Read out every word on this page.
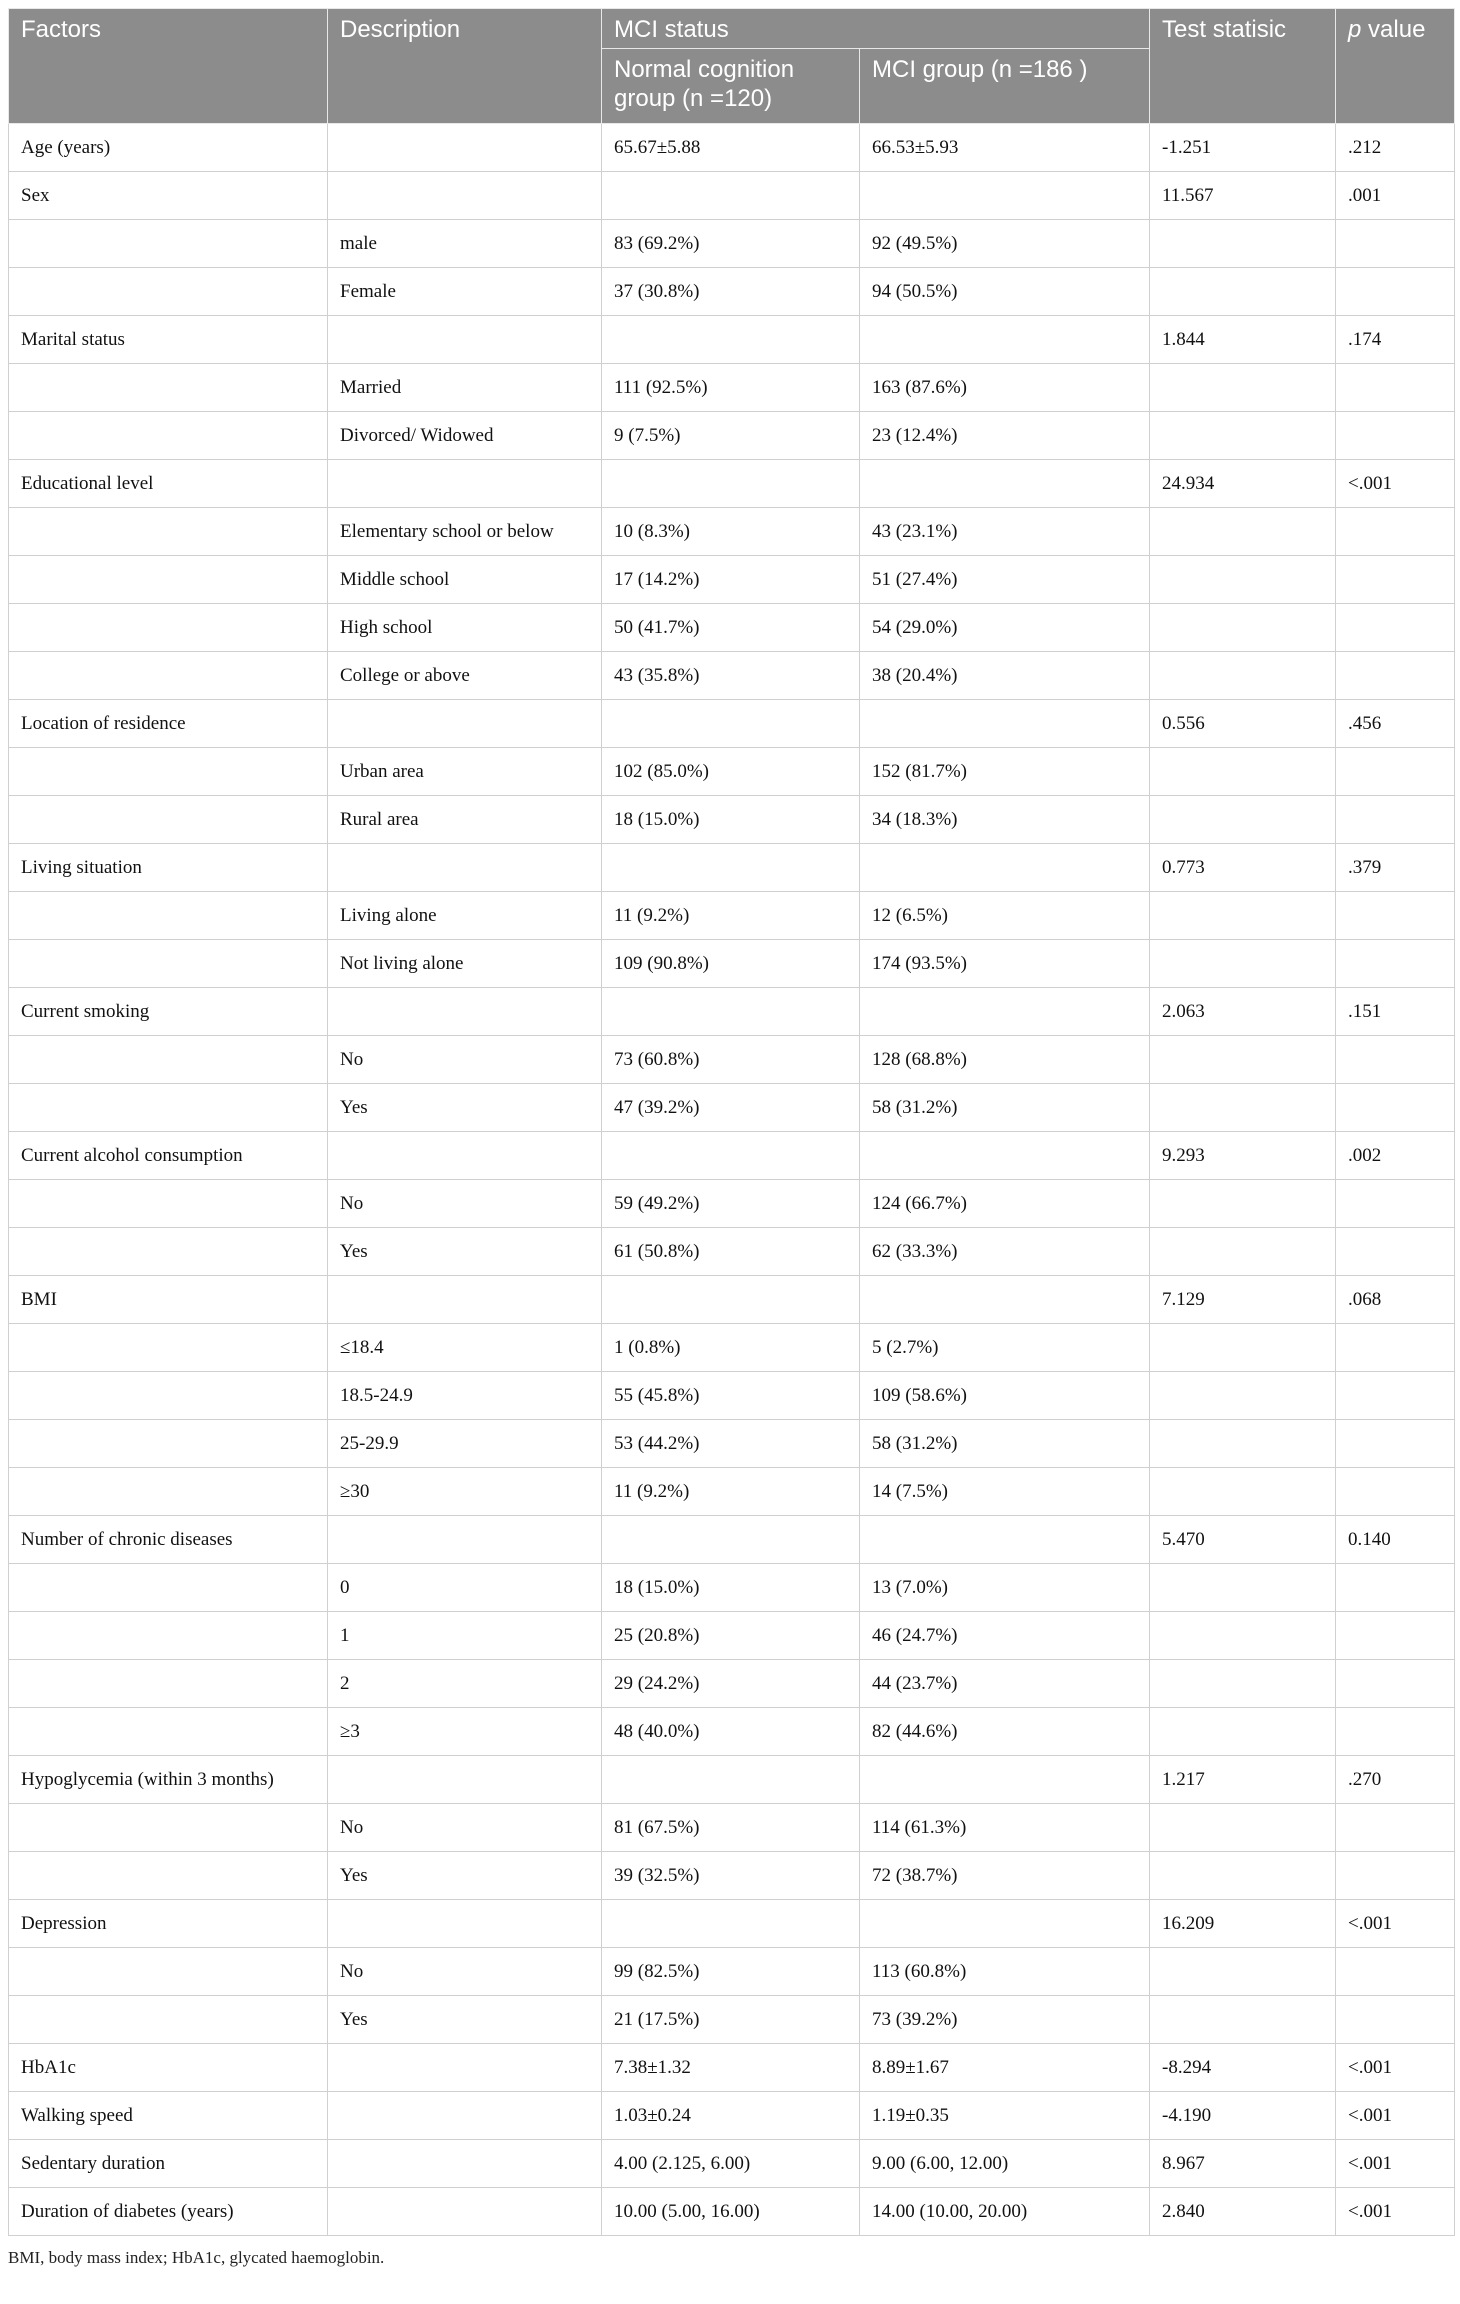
Factors	Description	MCI status		Test statisic	p value
		Normal cognition group (n =120)	MCI group (n =186 )		
Age (years)		65.67±5.88	66.53±5.93	-1.251	.212
Sex				11.567	.001
	male	83 (69.2%)	92 (49.5%)		
	Female	37 (30.8%)	94 (50.5%)		
Marital status				1.844	.174
	Married	111 (92.5%)	163 (87.6%)		
	Divorced/ Widowed	9 (7.5%)	23 (12.4%)		
Educational level				24.934	<.001
	Elementary school or below	10 (8.3%)	43 (23.1%)		
	Middle school	17 (14.2%)	51 (27.4%)		
	High school	50 (41.7%)	54 (29.0%)		
	College or above	43 (35.8%)	38 (20.4%)		
Location of residence				0.556	.456
	Urban area	102 (85.0%)	152 (81.7%)		
	Rural area	18 (15.0%)	34 (18.3%)		
Living situation				0.773	.379
	Living alone	11 (9.2%)	12 (6.5%)		
	Not living alone	109 (90.8%)	174 (93.5%)		
Current smoking				2.063	.151
	No	73 (60.8%)	128 (68.8%)		
	Yes	47 (39.2%)	58 (31.2%)		
Current alcohol consumption				9.293	.002
	No	59 (49.2%)	124 (66.7%)		
	Yes	61 (50.8%)	62 (33.3%)		
BMI				7.129	.068
	≤18.4	1 (0.8%)	5 (2.7%)		
	18.5-24.9	55 (45.8%)	109 (58.6%)		
	25-29.9	53 (44.2%)	58 (31.2%)		
	≥30	11 (9.2%)	14 (7.5%)		
Number of chronic diseases				5.470	0.140
	0	18 (15.0%)	13 (7.0%)		
	1	25 (20.8%)	46 (24.7%)		
	2	29 (24.2%)	44 (23.7%)		
	≥3	48 (40.0%)	82 (44.6%)		
Hypoglycemia (within 3 months)				1.217	.270
	No	81 (67.5%)	114 (61.3%)		
	Yes	39 (32.5%)	72 (38.7%)		
Depression				16.209	<.001
	No	99 (82.5%)	113 (60.8%)		
	Yes	21 (17.5%)	73 (39.2%)		
HbA1c		7.38±1.32	8.89±1.67	-8.294	<.001
Walking speed		1.03±0.24	1.19±0.35	-4.190	<.001
Sedentary duration		4.00 (2.125, 6.00)	9.00 (6.00, 12.00)	8.967	<.001
Duration of diabetes (years)		10.00 (5.00, 16.00)	14.00 (10.00, 20.00)	2.840	<.001
BMI, body mass index; HbA1c, glycated haemoglobin.
